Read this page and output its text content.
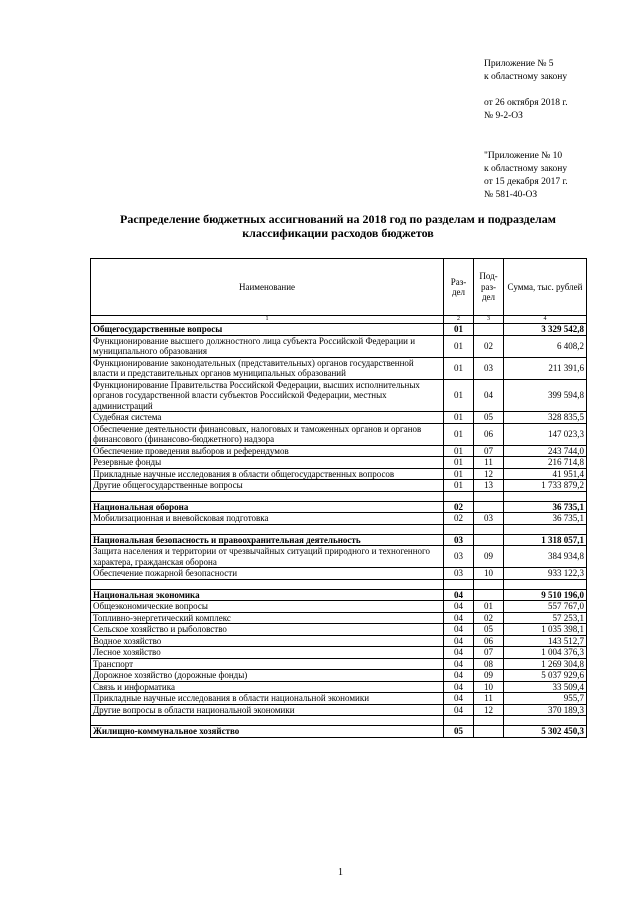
Приложение № 5
к областному закону
от 26 октября 2018 г.
№ 9-2-ОЗ
"Приложение № 10
к областному закону
от 15 декабря 2017 г.
№ 581-40-ОЗ
Распределение бюджетных ассигнований на 2018 год по разделам и подразделам
классификации расходов бюджетов
Наименование	Раз-дел	Под-раз-дел	Сумма, тыс. рублей
1	2	3	4
Общегосударственные вопросы	01		3 329 542,8
Функционирование высшего должностного лица субъекта Российской Федерации и муниципального образования	01	02	6 408,2
Функционирование законодательных (представительных) органов государственной власти и представительных органов муниципальных образований	01	03	211 391,6
Функционирование Правительства Российской Федерации, высших исполнительных органов государственной власти субъектов Российской Федерации, местных администраций	01	04	399 594,8
Судебная система	01	05	328 835,5
Обеспечение деятельности финансовых, налоговых и таможенных органов и органов финансового (финансово-бюджетного) надзора	01	06	147 023,3
Обеспечение проведения выборов и референдумов	01	07	243 744,0
Резервные фонды	01	11	216 714,8
Прикладные научные исследования в области общегосударственных вопросов	01	12	41 951,4
Другие общегосударственные вопросы	01	13	1 733 879,2

Национальная оборона	02		36 735,1
Мобилизационная и вневойсковая подготовка	02	03	36 735,1

Национальная безопасность и правоохранительная деятельность	03		1 318 057,1
Защита населения и территории от чрезвычайных ситуаций природного и техногенного характера, гражданская оборона	03	09	384 934,8
Обеспечение пожарной безопасности	03	10	933 122,3

Национальная экономика	04		9 510 196,0
Общеэкономические вопросы	04	01	557 767,0
Топливно-энергетический комплекс	04	02	57 253,1
Сельское хозяйство и рыболовство	04	05	1 035 398,1
Водное хозяйство	04	06	143 512,7
Лесное хозяйство	04	07	1 004 376,3
Транспорт	04	08	1 269 304,8
Дорожное хозяйство (дорожные фонды)	04	09	5 037 929,6
Связь и информатика	04	10	33 509,4
Прикладные научные исследования в области национальной экономики	04	11	955,7
Другие вопросы в области национальной экономики	04	12	370 189,3

Жилищно-коммунальное хозяйство	05		5 302 450,3
1
